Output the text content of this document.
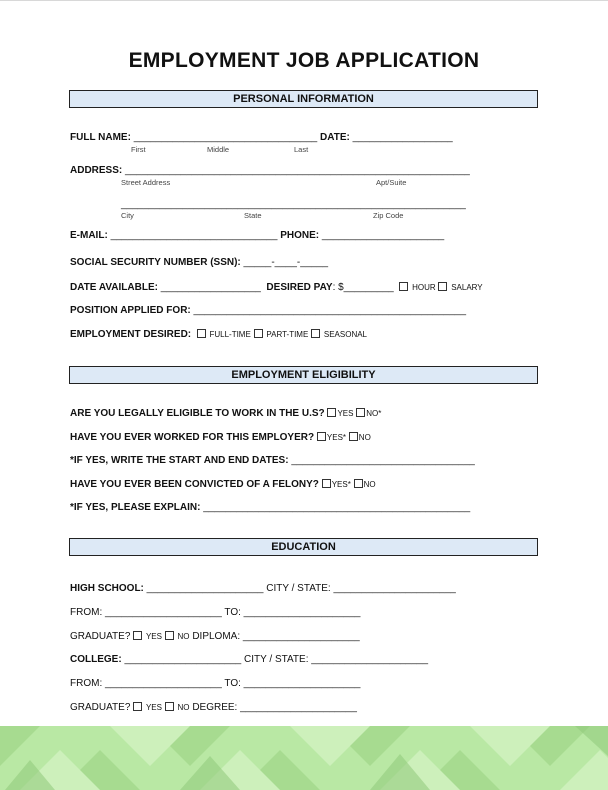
EMPLOYMENT JOB APPLICATION
PERSONAL INFORMATION
FULL NAME: _________________________________ DATE: __________________
First	Middle	Last
ADDRESS: ______________________________________________________________
Street Address	Apt/Suite
______________________________________________________________
City	State	Zip Code
E-MAIL: ______________________________ PHONE: ______________________
SOCIAL SECURITY NUMBER (SSN): _____-____-_____
DATE AVAILABLE: __________________ DESIRED PAY: $_________ HOUR SALARY
POSITION APPLIED FOR: _________________________________________________
EMPLOYMENT DESIRED: FULL-TIME PART-TIME SEASONAL
EMPLOYMENT ELIGIBILITY
ARE YOU LEGALLY ELIGIBLE TO WORK IN THE U.S? YES NO*
HAVE YOU EVER WORKED FOR THIS EMPLOYER? YES* NO
*IF YES, WRITE THE START AND END DATES: _________________________________
HAVE YOU EVER BEEN CONVICTED OF A FELONY? YES* NO
*IF YES, PLEASE EXPLAIN: ________________________________________________
EDUCATION
HIGH SCHOOL: _____________________ CITY / STATE: ______________________
FROM: _____________________ TO: _____________________
GRADUATE? YES NO DIPLOMA: _____________________
COLLEGE: _____________________ CITY / STATE: _____________________
FROM: _____________________ TO: _____________________
GRADUATE? YES NO DEGREE: _____________________
